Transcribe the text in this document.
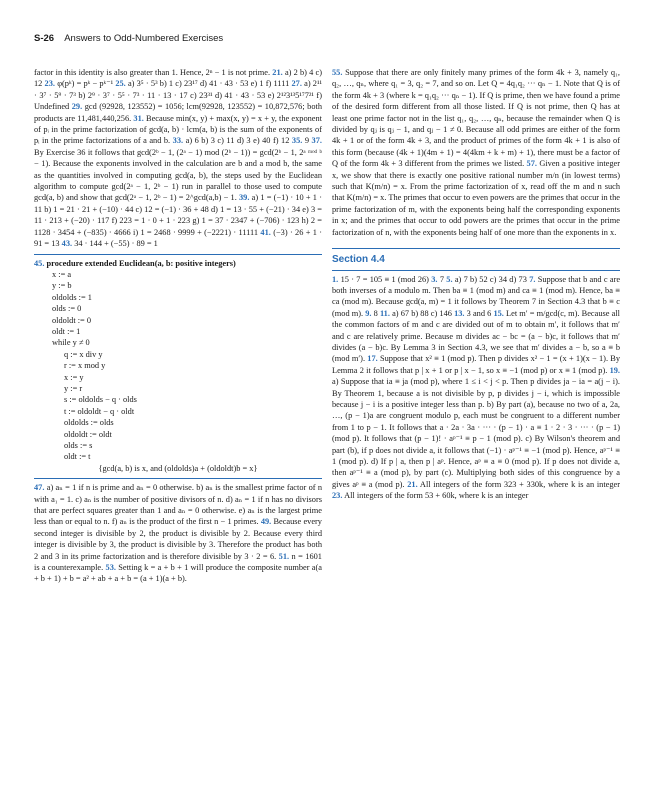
S-26 Answers to Odd-Numbered Exercises

factor in this identity is also greater than 1. Hence, 2ⁿ − 1 is not prime. 21. a) 2 b) 4 c) 12 23. φ(pᵏ) = pᵏ − pᵏ⁻¹ 25. a) 3⁵ · 5³ b) 1 c) 23¹⁷ d) 41 · 43 · 53 e) 1 f) 1111 27. a) 2¹¹ · 3⁷ · 5⁹ · 7³ b) 2⁹ · 3⁷ · 5⁵ · 7³ · 11 · 13 · 17 c) 23³¹ d) 41 · 43 · 53 e) 2¹²3¹³5¹⁷7²¹ f) Undefined 29. gcd (92928, 123552) = 1056; lcm(92928, 123552) = 10,872,576; both products are 11,481,440,256. 31. Because min(x, y) + max(x, y) = x + y, the exponent of pᵢ in the prime factorization of gcd(a, b) · lcm(a, b) is the sum of the exponents of pᵢ in the prime factorizations of a and b. 33. a) 6 b) 3 c) 11 d) 3 e) 40 f) 12 35. 9 37. By Exercise 36 it follows that gcd(2ᵇ − 1, (2ᵃ − 1) mod (2ᵇ − 1)) = gcd(2ᵇ − 1, 2ᵃ ᵐᵒᵈ ᵇ − 1). Because the exponents involved in the calculation are b and a mod b, the same as the quantities involved in computing gcd(a, b), the steps used by the Euclidean algorithm to compute gcd(2ᵃ − 1, 2ᵇ − 1) run in parallel to those used to compute gcd(a, b) and show that gcd(2ᵃ − 1, 2ᵇ − 1) = 2^gcd(a,b) − 1. 39. a) 1 = (−1) · 10 + 1 · 11 b) 1 = 21 · 21 + (−10) · 44 c) 12 = (−1) · 36 + 48 d) 1 = 13 · 55 + (−21) · 34 e) 3 = 11 · 213 + (−20) · 117 f) 223 = 1 · 0 + 1 · 223 g) 1 = 37 · 2347 + (−706) · 123 h) 2 = 1128 · 3454 + (−835) · 4666 i) 1 = 2468 · 9999 + (−2221) · 11111 41. (−3) · 26 + 1 · 91 = 13 43. 34 · 144 + (−55) · 89 = 1

45. procedure extended Euclidean(a, b: positive integers)
x := a
y := b
oldolds := 1
olds := 0
oldoldt := 0
oldt := 1
while y ≠ 0
q := x div y
r := x mod y
x := y
y := r
s := oldolds − q · olds
t := oldoldt − q · oldt
oldolds := olds
oldoldt := oldt
olds := s
oldt := t
{gcd(a, b) is x, and (oldolds)a + (oldoldt)b = x}

47. a) aₙ = 1 if n is prime and aₙ = 0 otherwise. b) aₙ is the smallest prime factor of n with a₁ = 1. c) aₙ is the number of positive divisors of n. d) aₙ = 1 if n has no divisors that are perfect squares greater than 1 and aₙ = 0 otherwise. e) aₙ is the largest prime less than or equal to n. f) aₙ is the product of the first n − 1 primes. 49. Because every second integer is divisible by 2, the product is divisible by 2. Because every third integer is divisible by 3, the product is divisible by 3. Therefore the product has both 2 and 3 in its prime factorization and is therefore divisible by 3 · 2 = 6. 51. n = 1601 is a counterexample. 53. Setting k = a + b + 1 will produce the composite number a(a + b + 1) + b = a² + ab + a + b = (a + 1)(a + b).

55. Suppose that there are only finitely many primes of the form 4k + 3, namely q₁, q₂, …, qₙ, where q₁ = 3, q₂ = 7, and so on. Let Q = 4q₁q₂ ··· qₙ − 1. Note that Q is of the form 4k + 3 (where k = q₁q₂ ··· qₙ − 1). If Q is prime, then we have found a prime of the desired form different from all those listed. If Q is not prime, then Q has at least one prime factor not in the list q₁, q₂, …, qₙ, because the remainder when Q is divided by qⱼ is qⱼ − 1, and qⱼ − 1 ≠ 0. Because all odd primes are either of the form 4k + 1 or of the form 4k + 3, and the product of primes of the form 4k + 1 is also of this form (because (4k + 1)(4m + 1) = 4(4km + k + m) + 1), there must be a factor of Q of the form 4k + 3 different from the primes we listed. 57. Given a positive integer x, we show that there is exactly one positive rational number m/n (in lowest terms) such that K(m/n) = x. From the prime factorization of x, read off the m and n such that K(m/n) = x. The primes that occur to even powers are the primes that occur in the prime factorization of m, with the exponents being half the corresponding exponents in x; and the primes that occur to odd powers are the primes that occur in the prime factorization of n, with the exponents being half of one more than the exponents in x.

Section 4.4

1. 15 · 7 = 105 ≡ 1 (mod 26) 3. 7 5. a) 7 b) 52 c) 34 d) 73 7. Suppose that b and c are both inverses of a modulo m. Then ba ≡ 1 (mod m) and ca ≡ 1 (mod m). Hence, ba ≡ ca (mod m). Because gcd(a, m) = 1 it follows by Theorem 7 in Section 4.3 that b ≡ c (mod m). 9. 8 11. a) 67 b) 88 c) 146 13. 3 and 6 15. Let m′ = m/gcd(c, m). Because all the common factors of m and c are divided out of m to obtain m′, it follows that m′ and c are relatively prime. Because m divides ac − bc = (a − b)c, it follows that m′ divides (a − b)c. By Lemma 3 in Section 4.3, we see that m′ divides a − b, so a ≡ b (mod m′). 17. Suppose that x² ≡ 1 (mod p). Then p divides x² − 1 = (x + 1)(x − 1). By Lemma 2 it follows that p | x + 1 or p | x − 1, so x ≡ −1 (mod p) or x ≡ 1 (mod p). 19. a) Suppose that ia ≡ ja (mod p), where 1 ≤ i < j < p. Then p divides ja − ia = a(j − i). By Theorem 1, because a is not divisible by p, p divides j − i, which is impossible because j − i is a positive integer less than p. b) By part (a), because no two of a, 2a, …, (p − 1)a are congruent modulo p, each must be congruent to a different number from 1 to p − 1. It follows that a · 2a · 3a · ··· · (p − 1) · a ≡ 1 · 2 · 3 · ··· · (p − 1) (mod p). It follows that (p − 1)! · aᵖ⁻¹ ≡ p − 1 (mod p). c) By Wilson's theorem and part (b), if p does not divide a, it follows that (−1) · aᵖ⁻¹ ≡ −1 (mod p). Hence, aᵖ⁻¹ ≡ 1 (mod p). d) If p | a, then p | aᵖ. Hence, aᵖ ≡ a ≡ 0 (mod p). If p does not divide a, then aᵖ⁻¹ ≡ a (mod p), by part (c). Multiplying both sides of this congruence by a gives aᵖ ≡ a (mod p). 21. All integers of the form 323 + 330k, where k is an integer 23. All integers of the form 53 + 60k, where k is an integer
